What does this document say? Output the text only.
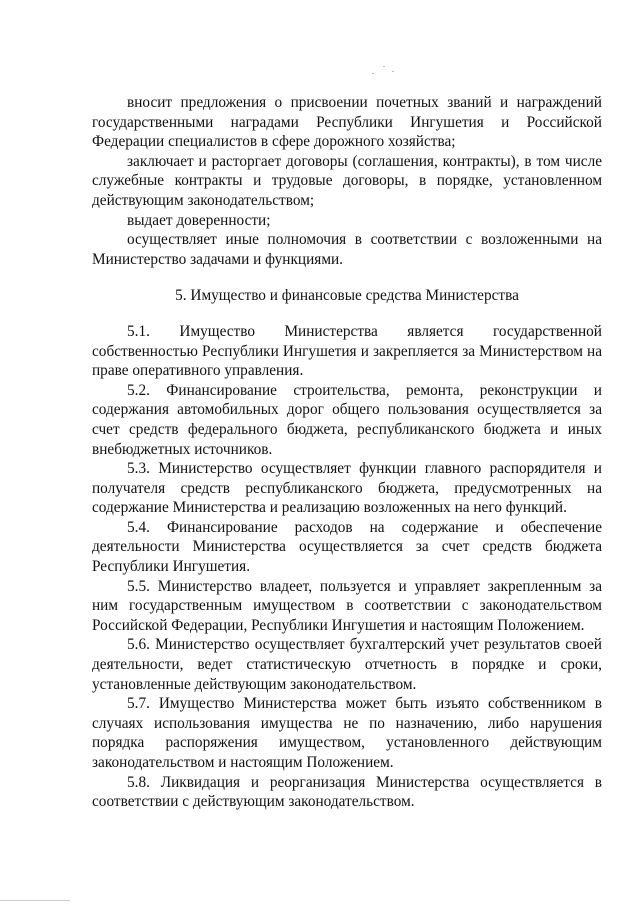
вносит предложения о присвоении почетных званий и награждений государственными наградами Республики Ингушетия и Российской Федерации специалистов в сфере дорожного хозяйства;

заключает и расторгает договоры (соглашения, контракты), в том числе служебные контракты и трудовые договоры, в порядке, установленном действующим законодательством;

выдает доверенности;

осуществляет иные полномочия в соответствии с возложенными на Министерство задачами и функциями.

5. Имущество и финансовые средства Министерства

5.1. Имущество Министерства является государственной собственностью Республики Ингушетия и закрепляется за Министерством на праве оперативного управления.

5.2. Финансирование строительства, ремонта, реконструкции и содержания автомобильных дорог общего пользования осуществляется за счет средств федерального бюджета, республиканского бюджета и иных внебюджетных источников.

5.3. Министерство осуществляет функции главного распорядителя и получателя средств республиканского бюджета, предусмотренных на содержание Министерства и реализацию возложенных на него функций.

5.4. Финансирование расходов на содержание и обеспечение деятельности Министерства осуществляется за счет средств бюджета Республики Ингушетия.

5.5. Министерство владеет, пользуется и управляет закрепленным за ним государственным имуществом в соответствии с законодательством Российской Федерации, Республики Ингушетия и настоящим Положением.

5.6. Министерство осуществляет бухгалтерский учет результатов своей деятельности, ведет статистическую отчетность в порядке и сроки, установленные действующим законодательством.

5.7. Имущество Министерства может быть изъято собственником в случаях использования имущества не по назначению, либо нарушения порядка распоряжения имуществом, установленного действующим законодательством и настоящим Положением.

5.8. Ликвидация и реорганизация Министерства осуществляется в соответствии с действующим законодательством.
